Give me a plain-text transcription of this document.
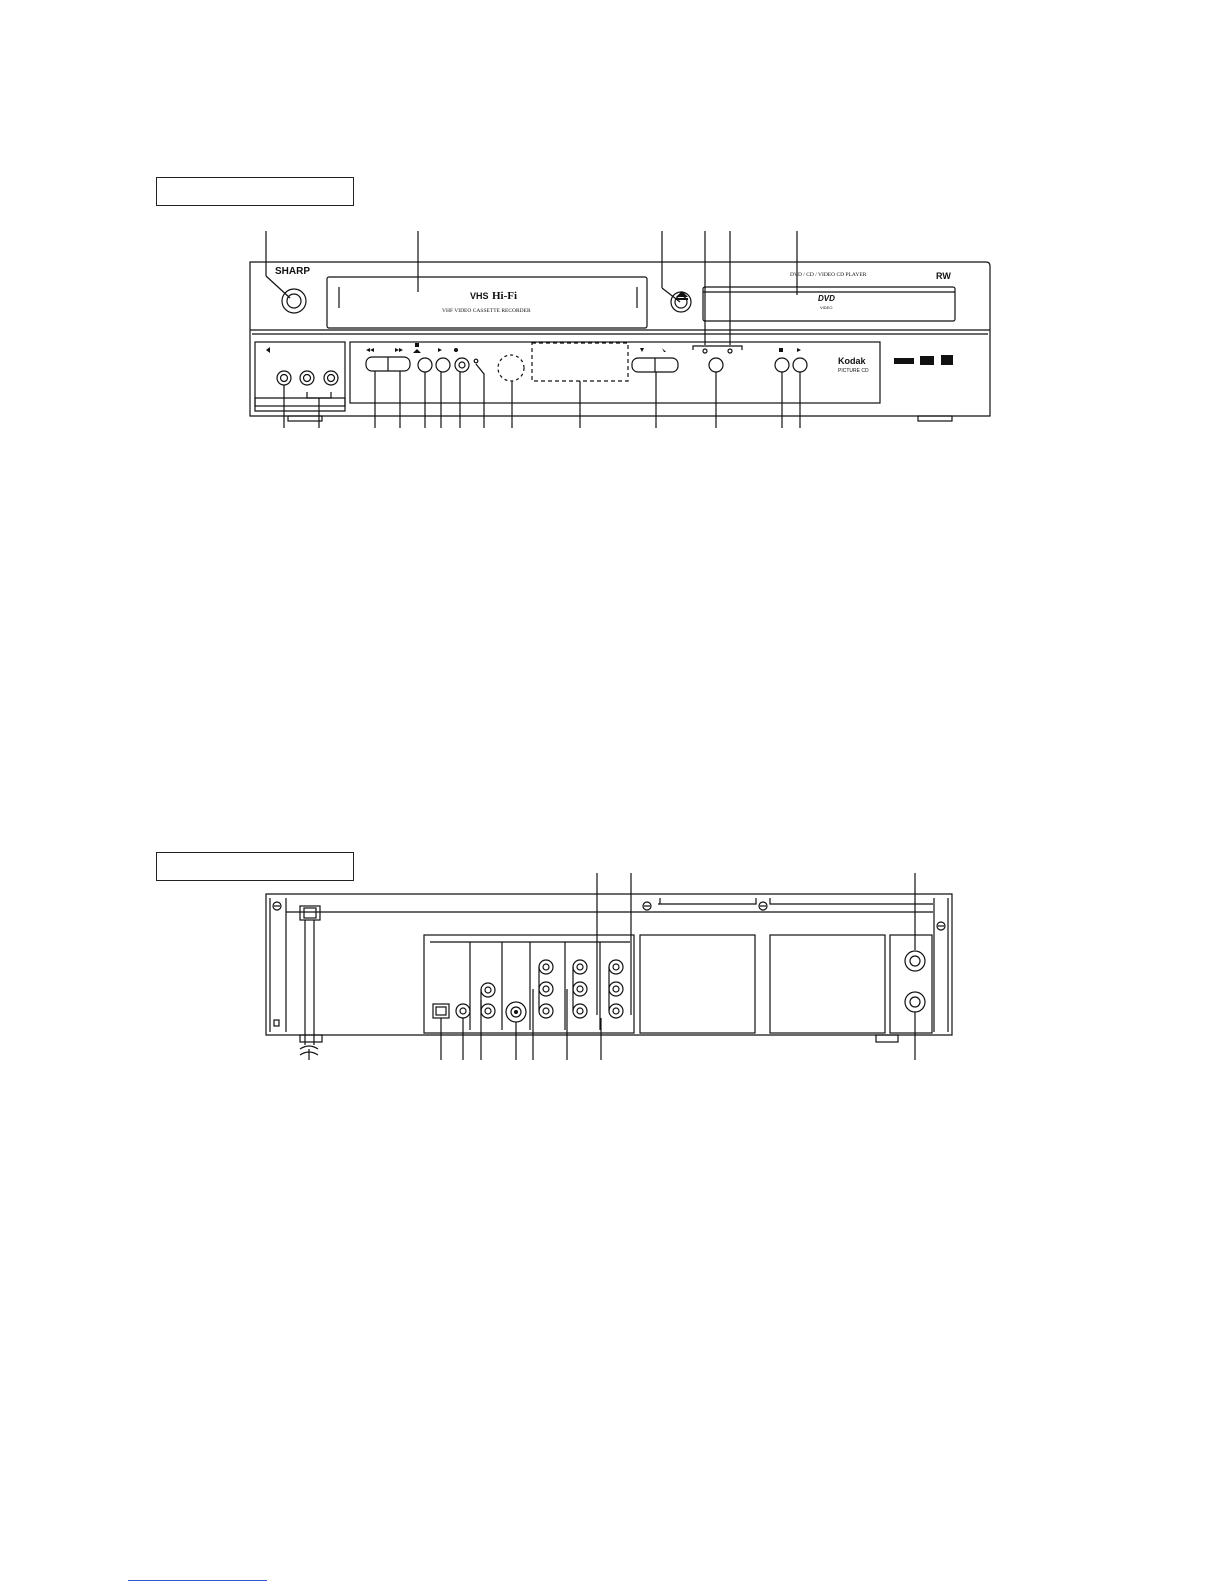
SHARP
VHS Hi-Fi
VHF VIDEO CASSETTE RECORDER
DVD / CD / VIDEO CD PLAYER	RW
DVD
VIDEO
Kodak
PICTURE CD
